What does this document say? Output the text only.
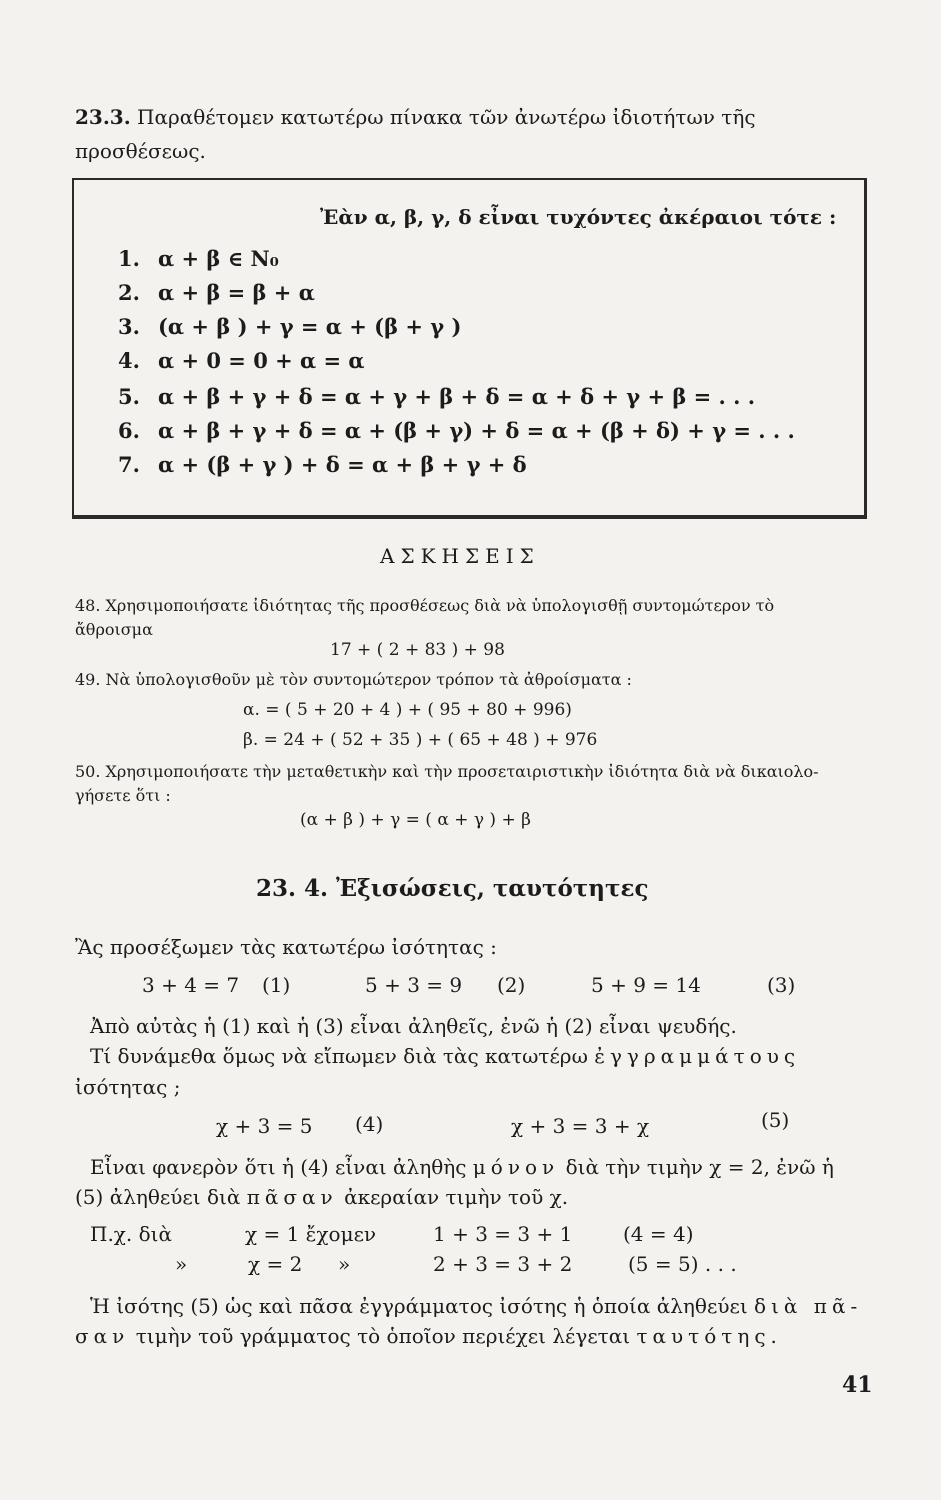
23.3. Παραθέτομεν κατωτέρω πίνακα τῶν ἀνωτέρω ἰδιοτήτων τῆς προσθέσεως.
Ἐὰν α, β, γ, δ εἶναι τυχόντες ἀκέραιοι τότε :
1. α + β ∈ N₀
2. α + β = β + α
3. (α + β ) + γ = α + (β + γ )
4. α + 0 = 0 + α = α
5. α + β + γ + δ = α + γ + β + δ = α + δ + γ + β = . . .
6. α + β + γ + δ = α + (β + γ) + δ = α + (β + δ) + γ = . . .
7. α + (β + γ ) + δ = α + β + γ + δ
ΑΣΚΗΣΕΙΣ
48. Χρησιμοποιήσατε ἰδιότητας τῆς προσθέσεως διὰ νὰ ὑπολογισθῇ συντομώτερον τὸ
ἄθροισμα
17 + ( 2 + 83 ) + 98
49. Νὰ ὑπολογισθοῦν μὲ τὸν συντομώτερον τρόπον τὰ ἀθροίσματα :
α. = ( 5 + 20 + 4 ) + ( 95 + 80 + 996)
β. = 24 + ( 52 + 35 ) + ( 65 + 48 ) + 976
50. Χρησιμοποιήσατε τὴν μεταθετικὴν καὶ τὴν προσεταιριστικὴν ἰδιότητα διὰ νὰ δικαιολο-
γήσετε ὅτι :
(α + β ) + γ = ( α + γ ) + β
23. 4. Ἐξισώσεις, ταυτότητες
Ἂς προσέξωμεν τὰς κατωτέρω ἰσότητας :
3 + 4 = 7 (1)	5 + 3 = 9 (2)	5 + 9 = 14	(3)
Ἀπὸ αὐτὰς ἡ (1) καὶ ἡ (3) εἶναι ἀληθεῖς, ἐνῶ ἡ (2) εἶναι ψευδής.
Τί δυνάμεθα ὅμως νὰ εἴπωμεν διὰ τὰς κατωτέρω ἐγγραμμάτους
ἰσότητας ;
χ + 3 = 5 (4)	χ + 3 = 3 + χ	(5)
Εἶναι φανερὸν ὅτι ἡ (4) εἶναι ἀληθὴς μόνον διὰ τὴν τιμὴν χ = 2, ἐνῶ ἡ
(5) ἀληθεύει διὰ πᾶσαν ἀκεραίαν τιμὴν τοῦ χ.
Π.χ. διὰ	χ = 1 ἔχομεν	1 + 3 = 3 + 1	(4 = 4)
»	χ = 2 »	2 + 3 = 3 + 2	(5 = 5) . . .
Ἡ ἰσότης (5) ὡς καὶ πᾶσα ἐγγράμματος ἰσότης ἡ ὁποία ἀληθεύει διὰ πᾶ-
σαν τιμὴν τοῦ γράμματος τὸ ὁποῖον περιέχει λέγεται ταυτότης.
41
